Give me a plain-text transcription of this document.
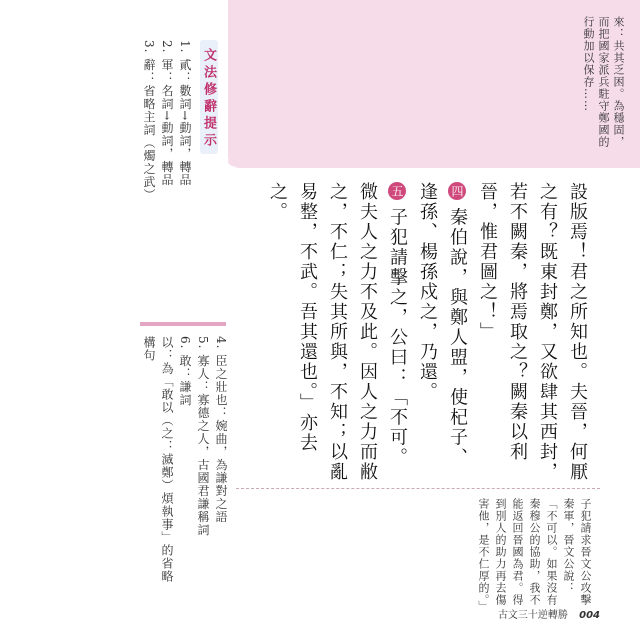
來：共其乏困。為穩固，而把國家派兵駐守鄭國的行動加以保存……
設版焉！君之所知也。夫晉，何厭之有？既東封鄭，又欲肆其西封，若不闕秦，將焉取之？闕秦以利晉，惟君圖之！」
四 秦伯說，與鄭人盟，使杞子、逢孫、楊孫戍之，乃還。
五 子犯請擊之，公曰：「不可。微夫人之力不及此。因人之力而敝之，不仁；失其所與，不知；以亂易整，不武。吾其還也。」亦去之。
子犯請求晉文公攻擊秦軍，晉文公說：「不可以。如果沒有秦穆公的協助，我不能返回晉國為君。得到別人的助力再去傷害他，是不仁厚的。」
文法修辭提示
1. 貳：數詞→動詞，轉品
2. 軍：名詞→動詞，轉品
3. 辭：省略主詞（燭之武）
4. 臣之壯也：婉曲，為謙對之語
5. 寡人：寡德之人，古國君謙稱詞
6. 敢：謙詞
以：為「敢以（之：滅鄭）煩執事」的省略構句
古文三十逆轉勝 004
